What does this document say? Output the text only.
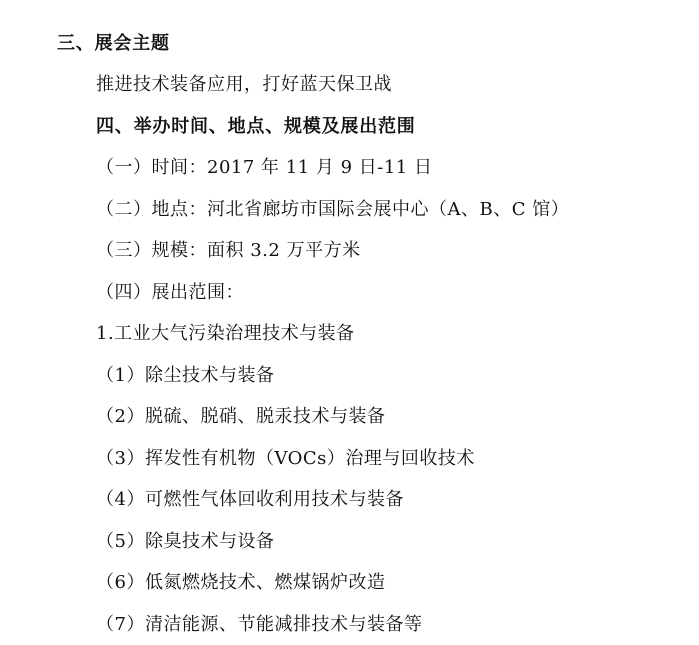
三、展会主题
推进技术装备应用，打好蓝天保卫战
四、举办时间、地点、规模及展出范围
（一）时间：2017 年 11 月 9 日-11 日
（二）地点：河北省廊坊市国际会展中心（A、B、C 馆）
（三）规模：面积 3.2 万平方米
（四）展出范围：
1.工业大气污染治理技术与装备
（1）除尘技术与装备
（2）脱硫、脱硝、脱汞技术与装备
（3）挥发性有机物（VOCs）治理与回收技术
（4）可燃性气体回收利用技术与装备
（5）除臭技术与设备
（6）低氮燃烧技术、燃煤锅炉改造
（7）清洁能源、节能减排技术与装备等
